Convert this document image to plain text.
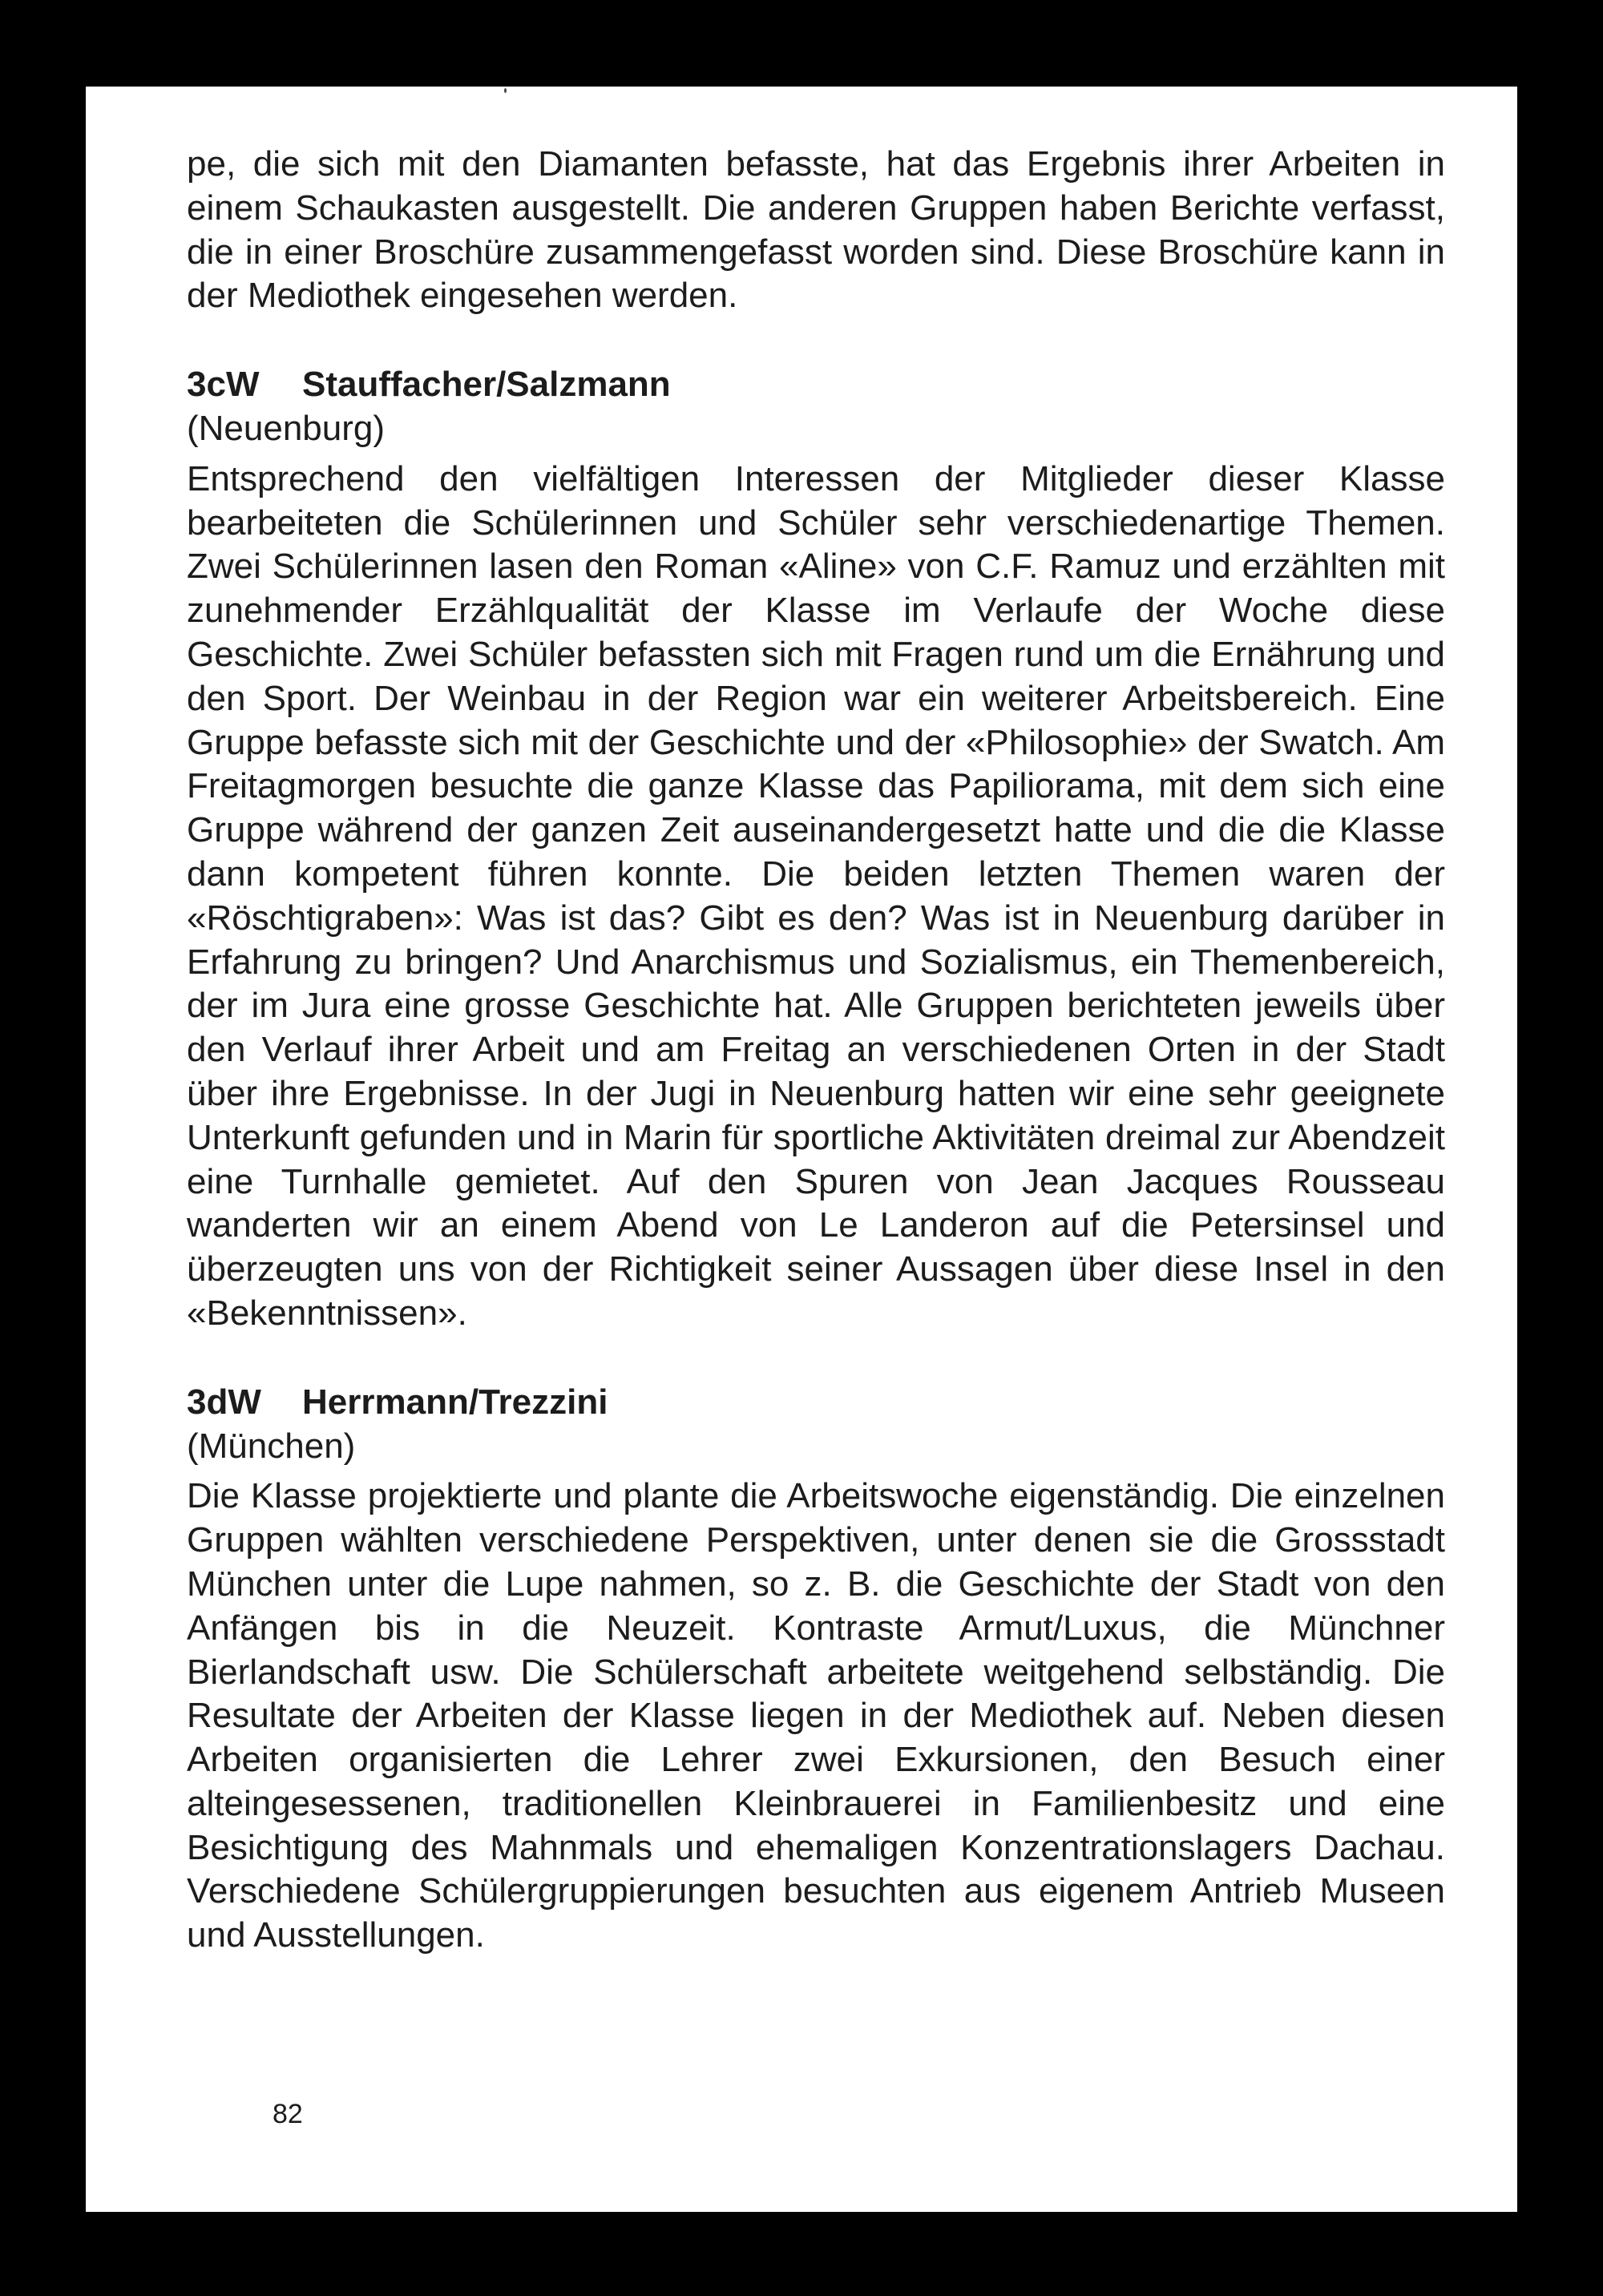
pe, die sich mit den Diamanten befasste, hat das Ergebnis ihrer Arbeiten in einem Schaukasten ausgestellt. Die anderen Gruppen haben Berichte verfasst, die in einer Broschüre zusammengefasst worden sind. Diese Broschüre kann in der Mediothek eingesehen werden.

3cW Stauffacher/Salzmann

(Neuenburg)

Entsprechend den vielfältigen Interessen der Mitglieder dieser Klasse bearbeiteten die Schülerinnen und Schüler sehr verschiedenartige Themen. Zwei Schülerinnen lasen den Roman «Aline» von C.F. Ramuz und erzählten mit zunehmender Erzählqualität der Klasse im Verlaufe der Woche diese Geschichte. Zwei Schüler befassten sich mit Fragen rund um die Ernährung und den Sport. Der Weinbau in der Region war ein weiterer Arbeitsbereich. Eine Gruppe befasste sich mit der Geschichte und der «Philosophie» der Swatch. Am Freitagmorgen besuchte die ganze Klasse das Papiliorama, mit dem sich eine Gruppe während der ganzen Zeit auseinandergesetzt hatte und die die Klasse dann kompetent führen konnte. Die beiden letzten Themen waren der «Röschtigraben»: Was ist das? Gibt es den? Was ist in Neuenburg darüber in Erfahrung zu bringen? Und Anarchismus und Sozialismus, ein Themenbereich, der im Jura eine grosse Geschichte hat. Alle Gruppen berichteten jeweils über den Verlauf ihrer Arbeit und am Freitag an verschiedenen Orten in der Stadt über ihre Ergebnisse. In der Jugi in Neuenburg hatten wir eine sehr geeignete Unterkunft gefunden und in Marin für sportliche Aktivitäten dreimal zur Abendzeit eine Turnhalle gemietet. Auf den Spuren von Jean Jacques Rousseau wanderten wir an einem Abend von Le Landeron auf die Petersinsel und überzeugten uns von der Richtigkeit seiner Aussagen über diese Insel in den «Bekenntnissen».

3dW Herrmann/Trezzini

(München)

Die Klasse projektierte und plante die Arbeitswoche eigenständig. Die einzelnen Gruppen wählten verschiedene Perspektiven, unter denen sie die Grossstadt München unter die Lupe nahmen, so z. B. die Geschichte der Stadt von den Anfängen bis in die Neuzeit. Kontraste Armut/Luxus, die Münchner Bierlandschaft usw. Die Schülerschaft arbeitete weitgehend selbständig. Die Resultate der Arbeiten der Klasse liegen in der Mediothek auf. Neben diesen Arbeiten organisierten die Lehrer zwei Exkursionen, den Besuch einer alteingesessenen, traditionellen Kleinbrauerei in Familienbesitz und eine Besichtigung des Mahnmals und ehemaligen Konzentrationslagers Dachau. Verschiedene Schülergruppierungen besuchten aus eigenem Antrieb Museen und Ausstellungen.

82
